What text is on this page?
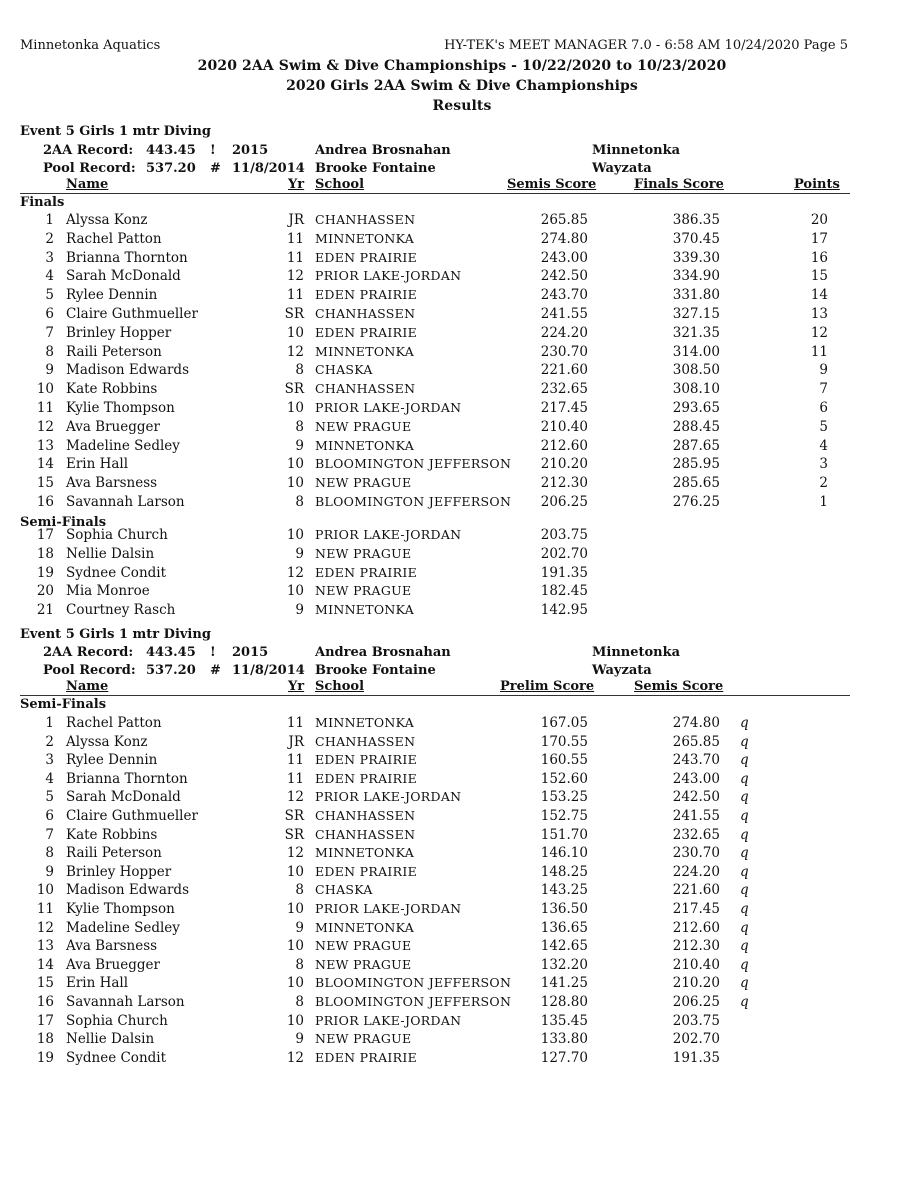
Minnetonka Aquatics	HY-TEK's MEET MANAGER 7.0 - 6:58 AM 10/24/2020 Page 5
2020 2AA Swim & Dive Championships - 10/22/2020 to 10/23/2020
2020 Girls 2AA Swim & Dive Championships
Results
Event 5 Girls 1 mtr Diving
2AA Record: 443.45 ! 2015	Andrea Brosnahan	Minnetonka
Pool Record: 537.20 # 11/8/2014 Brooke Fontaine	Wayzata
Name	Yr School	Semis Score	Finals Score	Points
Finals
1 Alyssa Konz	JR CHANHASSEN	265.85	386.35	20
2 Rachel Patton	11 MINNETONKA	274.80	370.45	17
3 Brianna Thornton	11 EDEN PRAIRIE	243.00	339.30	16
4 Sarah McDonald	12 PRIOR LAKE-JORDAN	242.50	334.90	15
5 Rylee Dennin	11 EDEN PRAIRIE	243.70	331.80	14
6 Claire Guthmueller	SR CHANHASSEN	241.55	327.15	13
7 Brinley Hopper	10 EDEN PRAIRIE	224.20	321.35	12
8 Raili Peterson	12 MINNETONKA	230.70	314.00	11
9 Madison Edwards	8 CHASKA	221.60	308.50	9
10 Kate Robbins	SR CHANHASSEN	232.65	308.10	7
11 Kylie Thompson	10 PRIOR LAKE-JORDAN	217.45	293.65	6
12 Ava Bruegger	8 NEW PRAGUE	210.40	288.45	5
13 Madeline Sedley	9 MINNETONKA	212.60	287.65	4
14 Erin Hall	10 BLOOMINGTON JEFFERSON	210.20	285.95	3
15 Ava Barsness	10 NEW PRAGUE	212.30	285.65	2
16 Savannah Larson	8 BLOOMINGTON JEFFERSON	206.25	276.25	1
Semi-Finals
17 Sophia Church	10 PRIOR LAKE-JORDAN	203.75
18 Nellie Dalsin	9 NEW PRAGUE	202.70
19 Sydnee Condit	12 EDEN PRAIRIE	191.35
20 Mia Monroe	10 NEW PRAGUE	182.45
21 Courtney Rasch	9 MINNETONKA	142.95
Event 5 Girls 1 mtr Diving
2AA Record: 443.45 ! 2015	Andrea Brosnahan	Minnetonka
Pool Record: 537.20 # 11/8/2014 Brooke Fontaine	Wayzata
Name	Yr School	Prelim Score	Semis Score
Semi-Finals
1 Rachel Patton	11 MINNETONKA	167.05	274.80 q
2 Alyssa Konz	JR CHANHASSEN	170.55	265.85 q
3 Rylee Dennin	11 EDEN PRAIRIE	160.55	243.70 q
4 Brianna Thornton	11 EDEN PRAIRIE	152.60	243.00 q
5 Sarah McDonald	12 PRIOR LAKE-JORDAN	153.25	242.50 q
6 Claire Guthmueller	SR CHANHASSEN	152.75	241.55 q
7 Kate Robbins	SR CHANHASSEN	151.70	232.65 q
8 Raili Peterson	12 MINNETONKA	146.10	230.70 q
9 Brinley Hopper	10 EDEN PRAIRIE	148.25	224.20 q
10 Madison Edwards	8 CHASKA	143.25	221.60 q
11 Kylie Thompson	10 PRIOR LAKE-JORDAN	136.50	217.45 q
12 Madeline Sedley	9 MINNETONKA	136.65	212.60 q
13 Ava Barsness	10 NEW PRAGUE	142.65	212.30 q
14 Ava Bruegger	8 NEW PRAGUE	132.20	210.40 q
15 Erin Hall	10 BLOOMINGTON JEFFERSON	141.25	210.20 q
16 Savannah Larson	8 BLOOMINGTON JEFFERSON	128.80	206.25 q
17 Sophia Church	10 PRIOR LAKE-JORDAN	135.45	203.75
18 Nellie Dalsin	9 NEW PRAGUE	133.80	202.70
19 Sydnee Condit	12 EDEN PRAIRIE	127.70	191.35
